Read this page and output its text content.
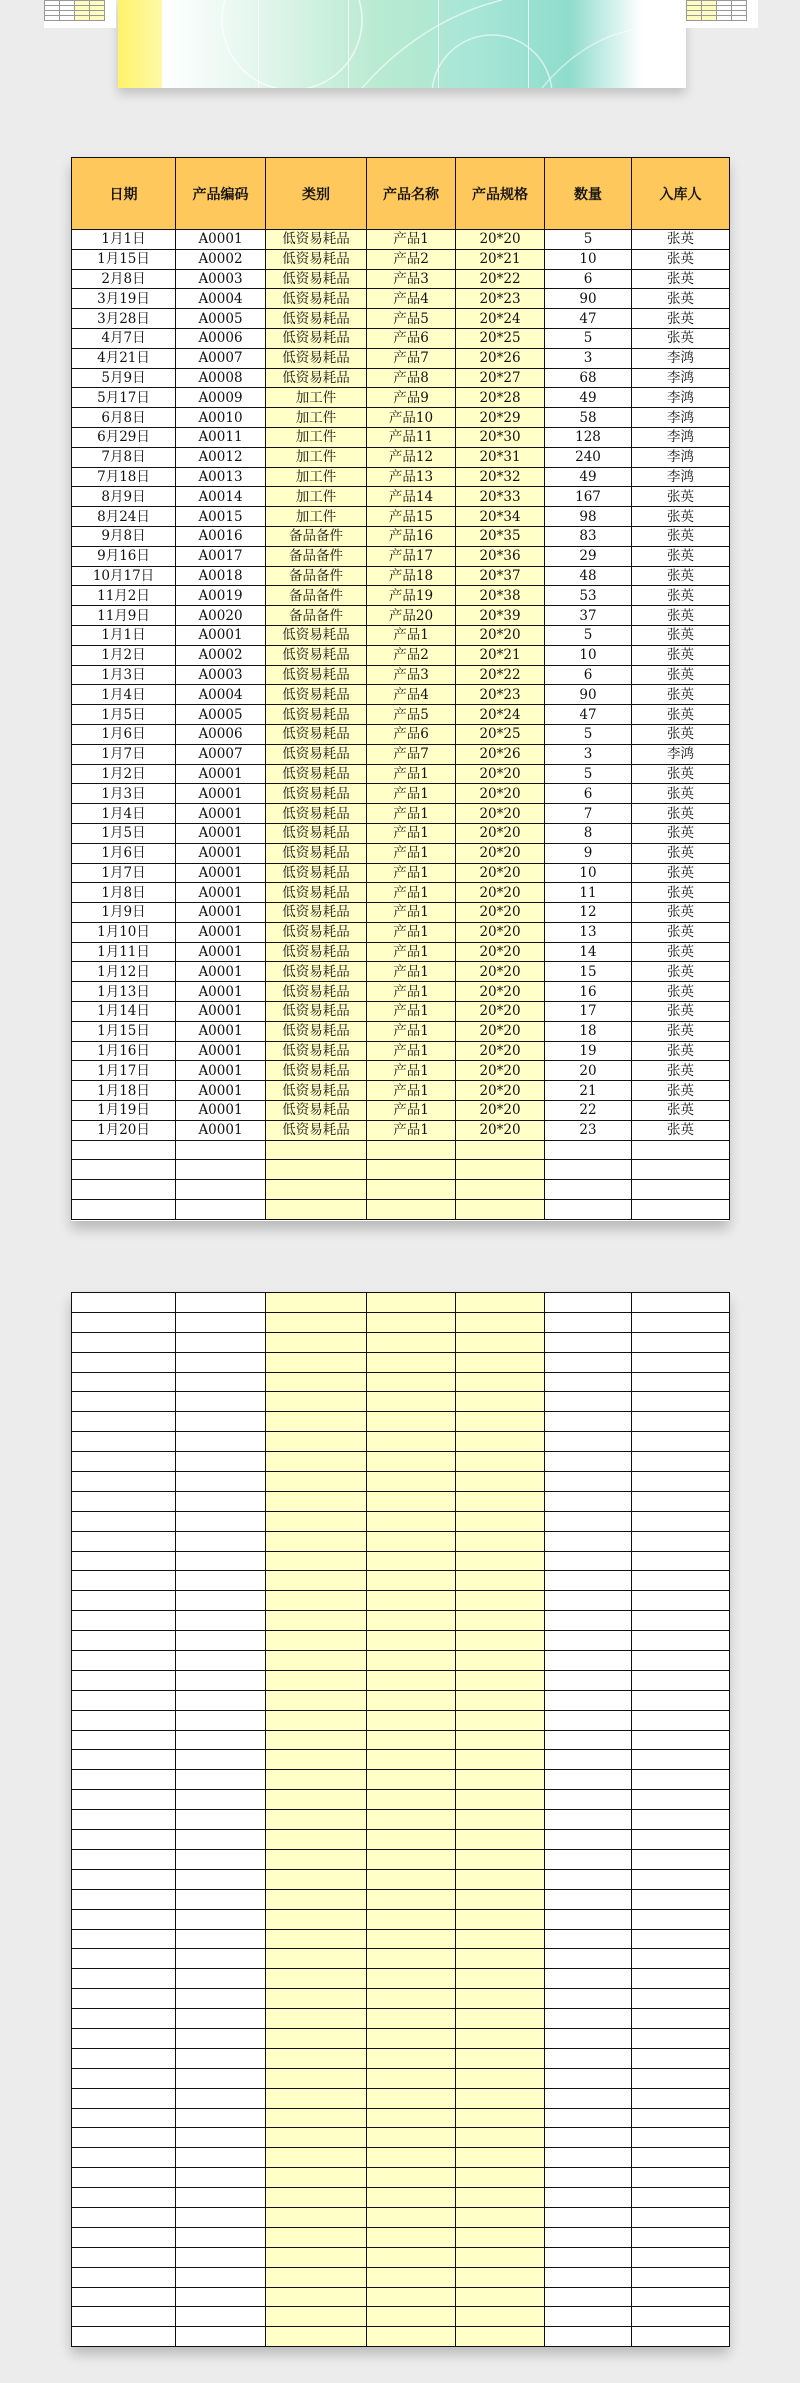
日期	产品编码	类别	产品名称	产品规格	数量	入库人
1月1日	A0001	低资易耗品	产品1	20*20	5	张英
1月15日	A0002	低资易耗品	产品2	20*21	10	张英
2月8日	A0003	低资易耗品	产品3	20*22	6	张英
3月19日	A0004	低资易耗品	产品4	20*23	90	张英
3月28日	A0005	低资易耗品	产品5	20*24	47	张英
4月7日	A0006	低资易耗品	产品6	20*25	5	张英
4月21日	A0007	低资易耗品	产品7	20*26	3	李鸿
5月9日	A0008	低资易耗品	产品8	20*27	68	李鸿
5月17日	A0009	加工件	产品9	20*28	49	李鸿
6月8日	A0010	加工件	产品10	20*29	58	李鸿
6月29日	A0011	加工件	产品11	20*30	128	李鸿
7月8日	A0012	加工件	产品12	20*31	240	李鸿
7月18日	A0013	加工件	产品13	20*32	49	李鸿
8月9日	A0014	加工件	产品14	20*33	167	张英
8月24日	A0015	加工件	产品15	20*34	98	张英
9月8日	A0016	备品备件	产品16	20*35	83	张英
9月16日	A0017	备品备件	产品17	20*36	29	张英
10月17日	A0018	备品备件	产品18	20*37	48	张英
11月2日	A0019	备品备件	产品19	20*38	53	张英
11月9日	A0020	备品备件	产品20	20*39	37	张英
1月1日	A0001	低资易耗品	产品1	20*20	5	张英
1月2日	A0002	低资易耗品	产品2	20*21	10	张英
1月3日	A0003	低资易耗品	产品3	20*22	6	张英
1月4日	A0004	低资易耗品	产品4	20*23	90	张英
1月5日	A0005	低资易耗品	产品5	20*24	47	张英
1月6日	A0006	低资易耗品	产品6	20*25	5	张英
1月7日	A0007	低资易耗品	产品7	20*26	3	李鸿
1月2日	A0001	低资易耗品	产品1	20*20	5	张英
1月3日	A0001	低资易耗品	产品1	20*20	6	张英
1月4日	A0001	低资易耗品	产品1	20*20	7	张英
1月5日	A0001	低资易耗品	产品1	20*20	8	张英
1月6日	A0001	低资易耗品	产品1	20*20	9	张英
1月7日	A0001	低资易耗品	产品1	20*20	10	张英
1月8日	A0001	低资易耗品	产品1	20*20	11	张英
1月9日	A0001	低资易耗品	产品1	20*20	12	张英
1月10日	A0001	低资易耗品	产品1	20*20	13	张英
1月11日	A0001	低资易耗品	产品1	20*20	14	张英
1月12日	A0001	低资易耗品	产品1	20*20	15	张英
1月13日	A0001	低资易耗品	产品1	20*20	16	张英
1月14日	A0001	低资易耗品	产品1	20*20	17	张英
1月15日	A0001	低资易耗品	产品1	20*20	18	张英
1月16日	A0001	低资易耗品	产品1	20*20	19	张英
1月17日	A0001	低资易耗品	产品1	20*20	20	张英
1月18日	A0001	低资易耗品	产品1	20*20	21	张英
1月19日	A0001	低资易耗品	产品1	20*20	22	张英
1月20日	A0001	低资易耗品	产品1	20*20	23	张英
